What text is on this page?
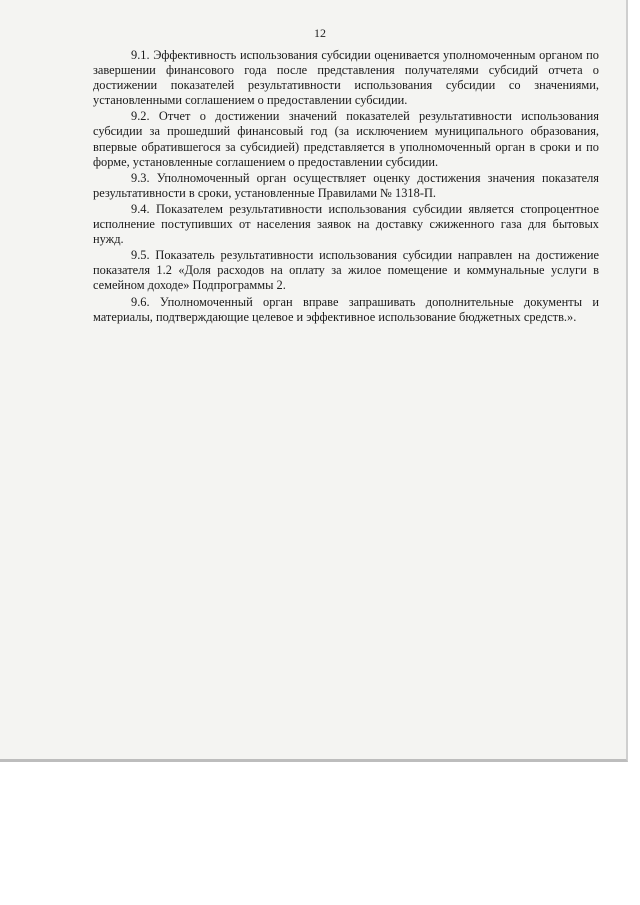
12

9.1. Эффективность использования субсидии оценивается уполномоченным органом по завершении финансового года после представления получателями субсидий отчета о достижении показателей результативности использования субсидии со значениями, установленными соглашением о предоставлении субсидии.

9.2. Отчет о достижении значений показателей результативности использования субсидии за прошедший финансовый год (за исключением муниципального образования, впервые обратившегося за субсидией) представляется в уполномоченный орган в сроки и по форме, установленные соглашением о предоставлении субсидии.

9.3. Уполномоченный орган осуществляет оценку достижения значения показателя результативности в сроки, установленные Правилами № 1318-П.

9.4. Показателем результативности использования субсидии является стопроцентное исполнение поступивших от населения заявок на доставку сжиженного газа для бытовых нужд.

9.5. Показатель результативности использования субсидии направлен на достижение показателя 1.2 «Доля расходов на оплату за жилое помещение и коммунальные услуги в семейном доходе» Подпрограммы 2.

9.6. Уполномоченный орган вправе запрашивать дополнительные документы и материалы, подтверждающие целевое и эффективное использование бюджетных средств.».
